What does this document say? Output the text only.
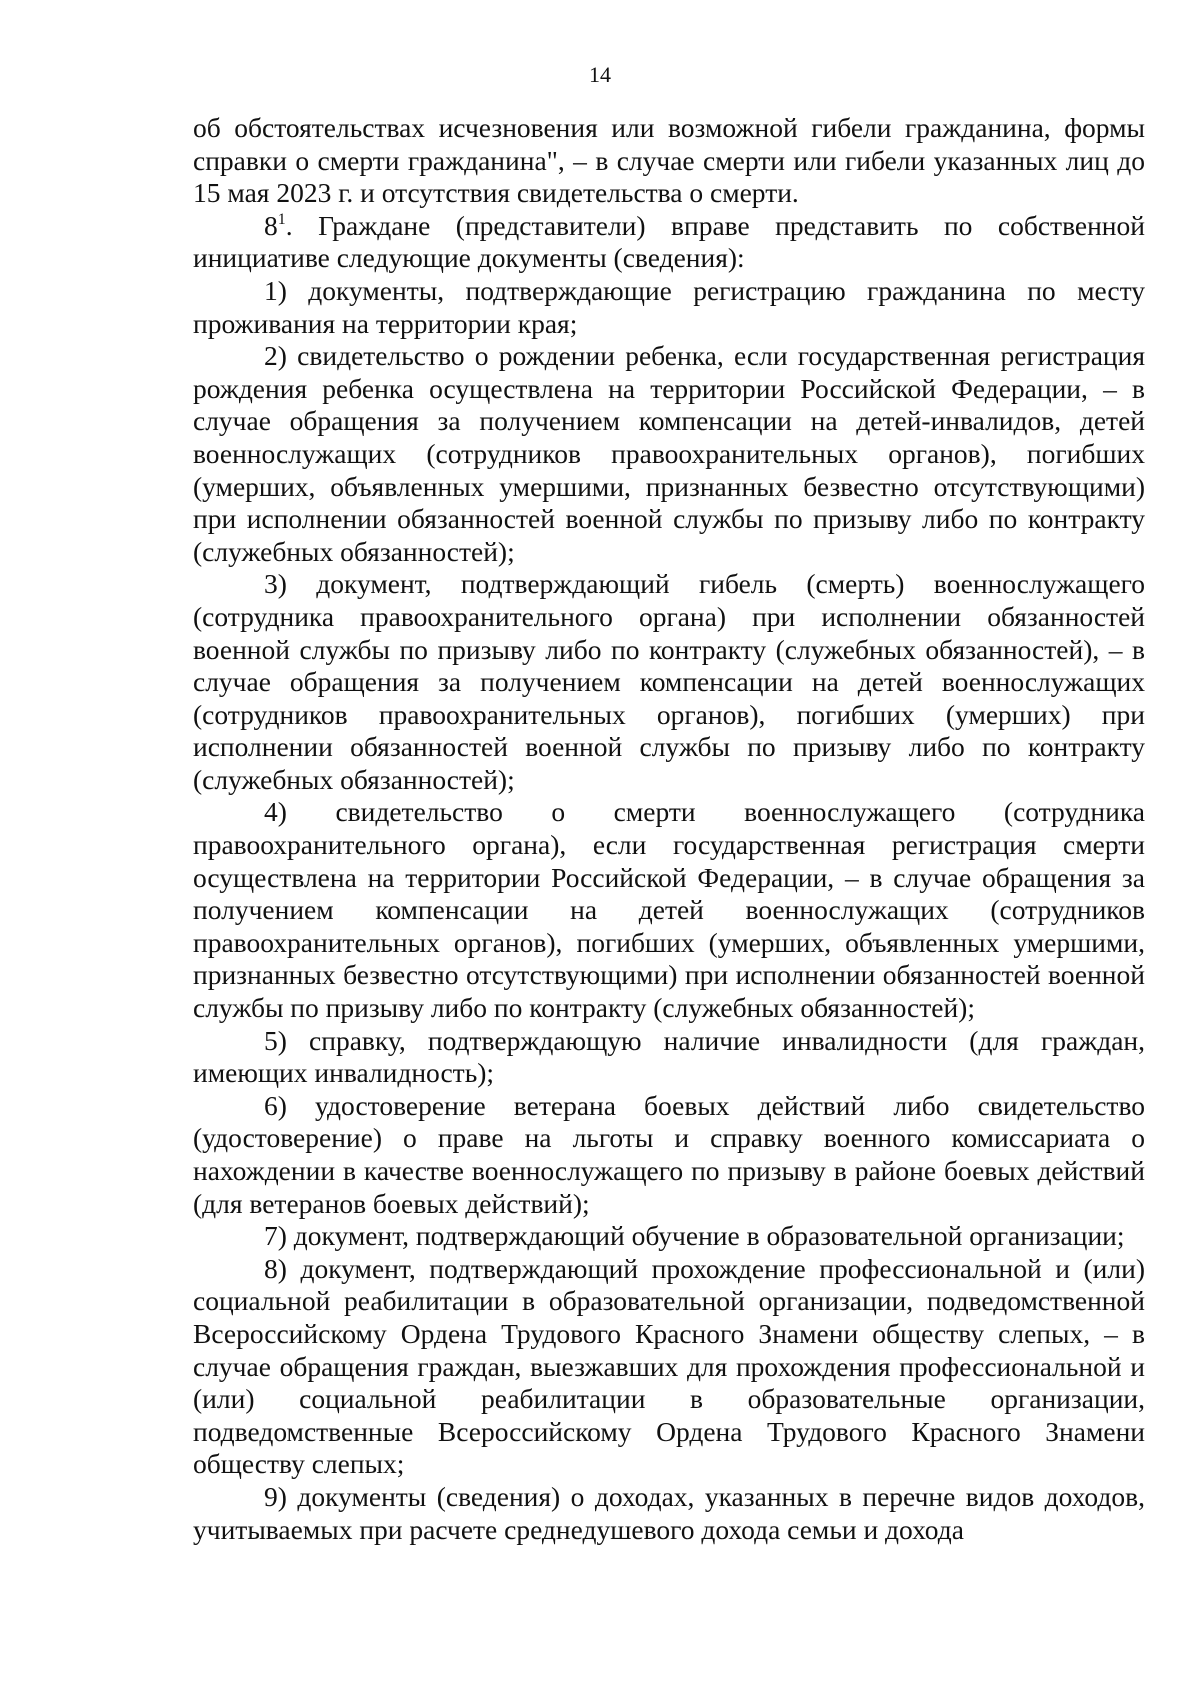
14

об обстоятельствах исчезновения или возможной гибели гражданина, формы справки о смерти гражданина", – в случае смерти или гибели указанных лиц до 15 мая 2023 г. и отсутствия свидетельства о смерти.

$8^1$. Граждане (представители) вправе представить по собственной инициативе следующие документы (сведения):

1) документы, подтверждающие регистрацию гражданина по месту проживания на территории края;

2) свидетельство о рождении ребенка, если государственная регистрация рождения ребенка осуществлена на территории Российской Федерации, – в случае обращения за получением компенсации на детей-инвалидов, детей военнослужащих (сотрудников правоохранительных органов), погибших (умерших, объявленных умершими, признанных безвестно отсутствующими) при исполнении обязанностей военной службы по призыву либо по контракту (служебных обязанностей);

3) документ, подтверждающий гибель (смерть) военнослужащего (сотрудника правоохранительного органа) при исполнении обязанностей военной службы по призыву либо по контракту (служебных обязанностей), – в случае обращения за получением компенсации на детей военнослужащих (сотрудников правоохранительных органов), погибших (умерших) при исполнении обязанностей военной службы по призыву либо по контракту (служебных обязанностей);

4) свидетельство о смерти военнослужащего (сотрудника правоохранительного органа), если государственная регистрация смерти осуществлена на территории Российской Федерации, – в случае обращения за получением компенсации на детей военнослужащих (сотрудников правоохранительных органов), погибших (умерших, объявленных умершими, признанных безвестно отсутствующими) при исполнении обязанностей военной службы по призыву либо по контракту (служебных обязанностей);

5) справку, подтверждающую наличие инвалидности (для граждан, имеющих инвалидность);

6) удостоверение ветерана боевых действий либо свидетельство (удостоверение) о праве на льготы и справку военного комиссариата о нахождении в качестве военнослужащего по призыву в районе боевых действий (для ветеранов боевых действий);

7) документ, подтверждающий обучение в образовательной организации;

8) документ, подтверждающий прохождение профессиональной и (или) социальной реабилитации в образовательной организации, подведомственной Всероссийскому Ордена Трудового Красного Знамени обществу слепых, – в случае обращения граждан, выезжавших для прохождения профессиональной и (или) социальной реабилитации в образовательные организации, подведомственные Всероссийскому Ордена Трудового Красного Знамени обществу слепых;

9) документы (сведения) о доходах, указанных в перечне видов доходов, учитываемых при расчете среднедушевого дохода семьи и дохода
